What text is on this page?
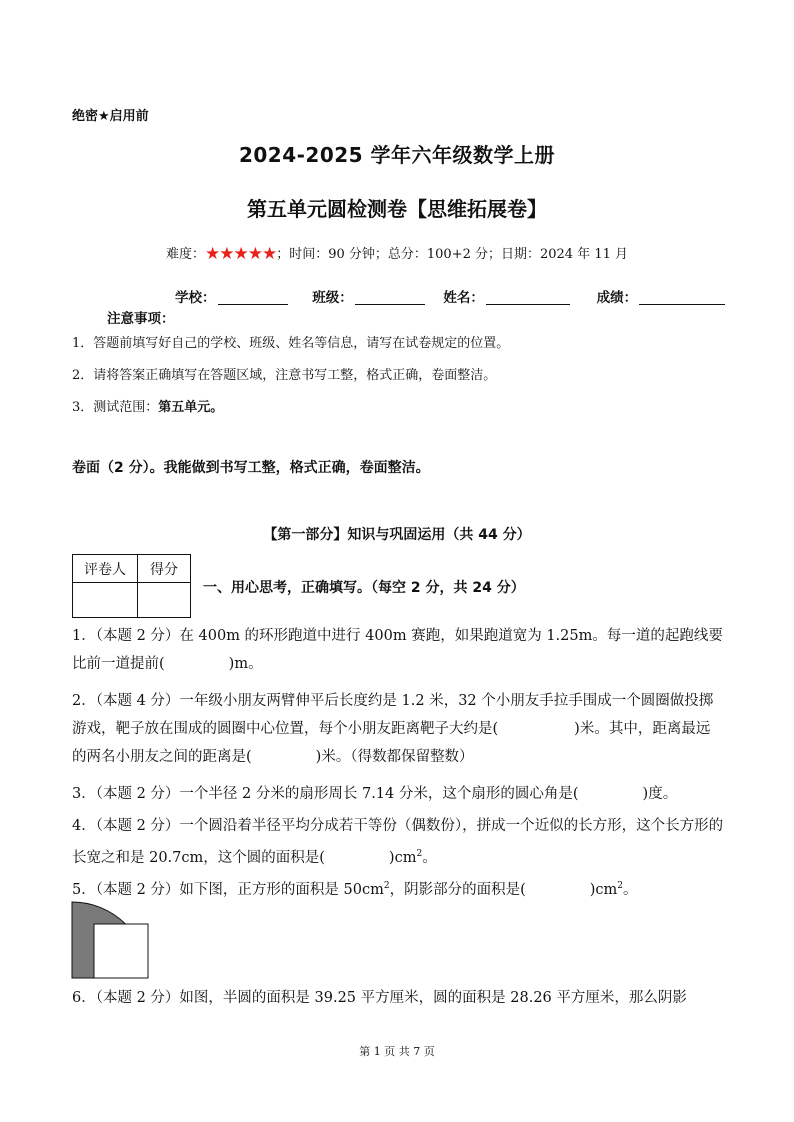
绝密★启用前
2024-2025 学年六年级数学上册
第五单元圆检测卷【思维拓展卷】
难度：★★★★★；时间：90 分钟；总分：100+2 分；日期：2024 年 11 月
学校：	班级：	姓名：	成绩：
注意事项：
1．答题前填写好自己的学校、班级、姓名等信息，请写在试卷规定的位置。
2．请将答案正确填写在答题区域，注意书写工整，格式正确，卷面整洁。
3．测试范围：第五单元。
卷面（2 分）。我能做到书写工整，格式正确，卷面整洁。
【第一部分】知识与巩固运用（共 44 分）
评卷人	得分

一、用心思考，正确填写。（每空 2 分，共 24 分）
1．（本题 2 分）在 400m 的环形跑道中进行 400m 赛跑，如果跑道宽为 1.25m。每一道的起跑线要比前一道提前(	)m。
2．（本题 4 分）一年级小朋友两臂伸平后长度约是 1.2 米，32 个小朋友手拉手围成一个圆圈做投掷游戏，靶子放在围成的圆圈中心位置，每个小朋友距离靶子大约是(	)米。其中，距离最远的两名小朋友之间的距离是(	)米。（得数都保留整数）
3．（本题 2 分）一个半径 2 分米的扇形周长 7.14 分米，这个扇形的圆心角是(	)度。
4．（本题 2 分）一个圆沿着半径平均分成若干等份（偶数份），拼成一个近似的长方形，这个长方形的长宽之和是 20.7cm，这个圆的面积是(	)$cm^2$。
5．（本题 2 分）如下图，正方形的面积是 $50cm^2$，阴影部分的面积是(	)$cm^2$。
6．（本题 2 分）如图，半圆的面积是 39.25 平方厘米，圆的面积是 28.26 平方厘米，那么阴影
第 1 页 共 7 页
